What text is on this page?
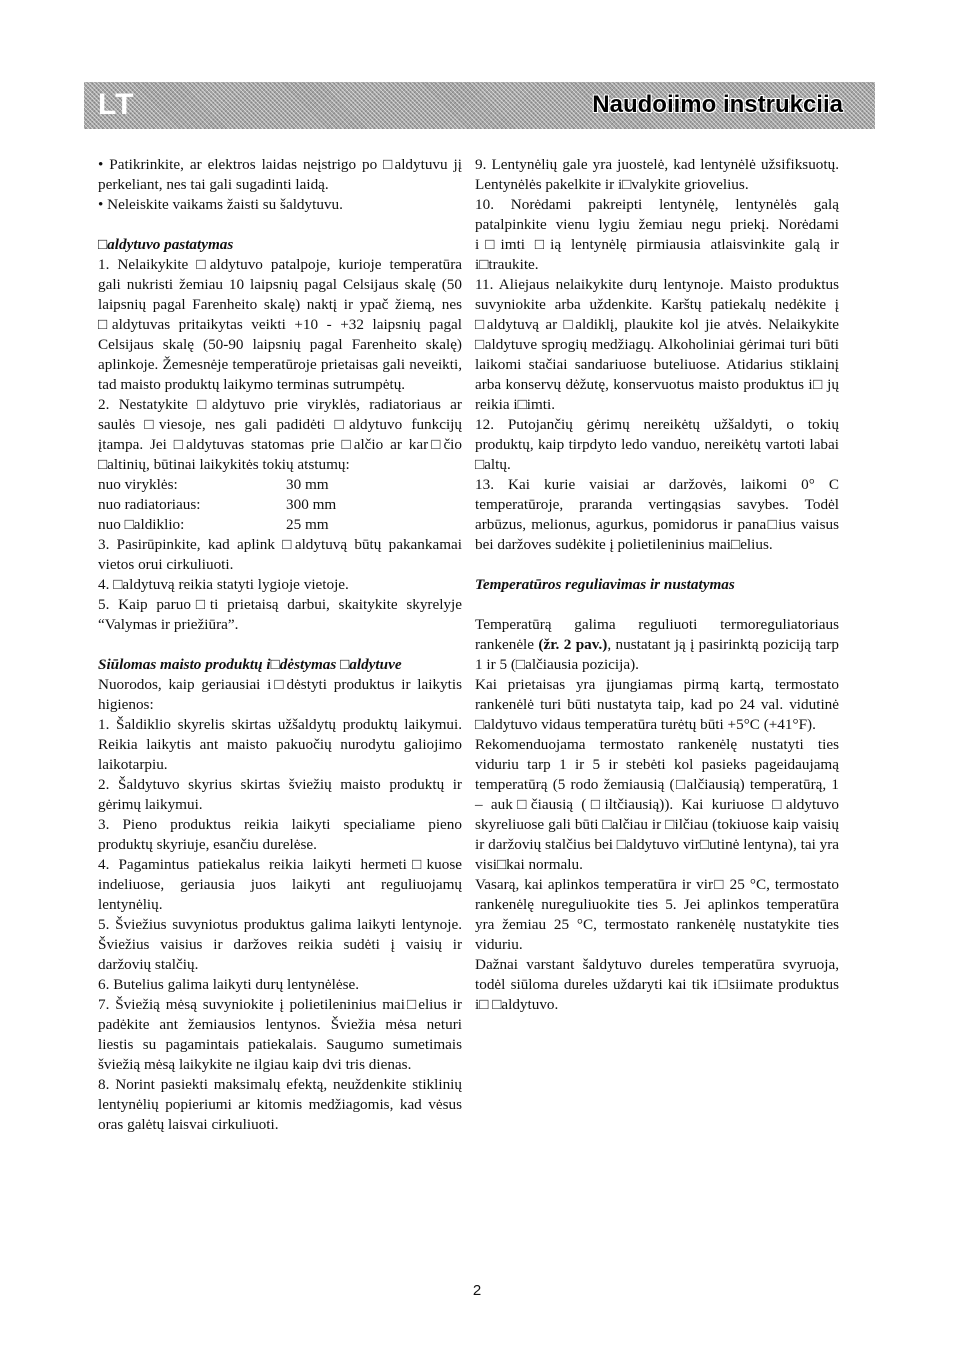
LT	Naudoiimo instrukciia

• Patikrinkite, ar elektros laidas neįstrigo po □aldytuvu jį perkeliant, nes tai gali sugadinti laidą.

• Neleiskite vaikams žaisti su šaldytuvu.

□aldytuvo pastatymas

1. Nelaikykite □aldytuvo patalpoje, kurioje temperatūra gali nukristi žemiau 10 laipsnių pagal Celsijaus skalę (50 laipsnių pagal Farenheito skalę) naktį ir ypač žiemą, nes □aldytuvas pritaikytas veikti +10 - +32 laipsnių pagal Celsijaus skalę (50-90 laipsnių pagal Farenheito skalę) aplinkoje. Žemesnėje temperatūroje prietaisas gali neveikti, tad maisto produktų laikymo terminas sutrumpėtų.

2. Nestatykite □aldytuvo prie viryklės, radiatoriaus ar saulės □viesoje, nes gali padidėti □aldytuvo funkcijų įtampa. Jei □aldytuvas statomas prie □alčio ar kar□čio □altinių, būtinai laikykitės tokių atstumų:

nuo viryklės:	30 mm
nuo radiatoriaus:	300 mm
nuo □aldiklio:	25 mm

3. Pasirūpinkite, kad aplink □aldytuvą būtų pakankamai vietos orui cirkuliuoti.

4. □aldytuvą reikia statyti lygioje vietoje.

5. Kaip paruo□ti prietaisą darbui, skaitykite skyrelyje “Valymas ir priežiūra”.

Siūlomas maisto produktų i□dėstymas □aldytuve

Nuorodos, kaip geriausiai i□dėstyti produktus ir laikytis higienos:

1. Šaldiklio skyrelis skirtas užšaldytų produktų laikymui. Reikia laikytis ant maisto pakuočių nurodytu galiojimo laikotarpiu.

2. Šaldytuvo skyrius skirtas šviežių maisto produktų ir gėrimų laikymui.

3. Pieno produktus reikia laikyti specialiame pieno produktų skyriuje, esančiu durelėse.

4. Pagamintus patiekalus reikia laikyti hermeti□kuose indeliuose, geriausia juos laikyti ant reguliuojamų lentynėlių.

5. Šviežius suvyniotus produktus galima laikyti lentynoje. Šviežius vaisius ir daržoves reikia sudėti į vaisių ir daržovių stalčių.

6. Butelius galima laikyti durų lentynėlėse.

7. Šviežią mėsą suvyniokite į polietileninius mai□elius ir padėkite ant žemiausios lentynos. Šviežia mėsa neturi liestis su pagamintais patiekalais. Saugumo sumetimais šviežią mėsą laikykite ne ilgiau kaip dvi tris dienas.

8. Norint pasiekti maksimalų efektą, neuždenkite stiklinių lentynėlių popieriumi ar kitomis medžiagomis, kad vėsus oras galėtų laisvai cirkuliuoti.

9. Lentynėlių gale yra juostelė, kad lentynėlė užsifiksuotų. Lentynėlės pakelkite ir i□valykite griovelius.

10. Norėdami pakreipti lentynėlę, lentynėlės galą patalpinkite vienu lygiu žemiau negu priekį. Norėdami i□imti □ią lentynėlę pirmiausia atlaisvinkite galą ir i□traukite.

11. Aliejaus nelaikykite durų lentynoje. Maisto produktus suvyniokite arba uždenkite. Karštų patiekalų nedėkite į □aldytuvą ar □aldiklį, plaukite kol jie atvės. Nelaikykite □aldytuve sprogių medžiagų. Alkoholiniai gėrimai turi būti laikomi stačiai sandariuose buteliuose. Atidarius stiklainį arba konservų dėžutę, konservuotus maisto produktus i□ jų reikia i□imti.

12. Putojančių gėrimų nereikėtų užšaldyti, o tokių produktų, kaip tirpdyto ledo vanduo, nereikėtų vartoti labai □altų.

13. Kai kurie vaisiai ar daržovės, laikomi 0° C temperatūroje, praranda vertingąsias savybes. Todėl arbūzus, melionus, agurkus, pomidorus ir pana□ius vaisus bei daržoves sudėkite į polietileninius mai□elius.

Temperatūros reguliavimas ir nustatymas

Temperatūrą galima reguliuoti termoreguliatoriaus rankenėle (žr. 2 pav.), nustatant ją į pasirinktą poziciją tarp 1 ir 5 (□alčiausia pozicija).

Kai prietaisas yra įjungiamas pirmą kartą, termostato rankenėlė turi būti nustatyta taip, kad po 24 val. vidutinė □aldytuvo vidaus temperatūra turėtų būti +5°C (+41°F).

Rekomenduojama termostato rankenėlę nustatyti ties viduriu tarp 1 ir 5 ir stebėti kol pasieks pageidaujamą temperatūrą (5 rodo žemiausią (□alčiausią) temperatūrą, 1 – auk□čiausią (□iltčiausią)). Kai kuriuose □aldytuvo skyreliuose gali būti □alčiau ir □ilčiau (tokiuose kaip vaisių ir daržovių stalčius bei □aldytuvo vir□utinė lentyna), tai yra visi□kai normalu.

Vasarą, kai aplinkos temperatūra ir vir□ 25 °C, termostato rankenėlę nureguliuokite ties 5. Jei aplinkos temperatūra yra žemiau 25 °C, termostato rankenėlę nustatykite ties viduriu.

Dažnai varstant šaldytuvo dureles temperatūra svyruoja, todėl siūloma dureles uždaryti kai tik i□siimate produktus i□ □aldytuvo.

2
